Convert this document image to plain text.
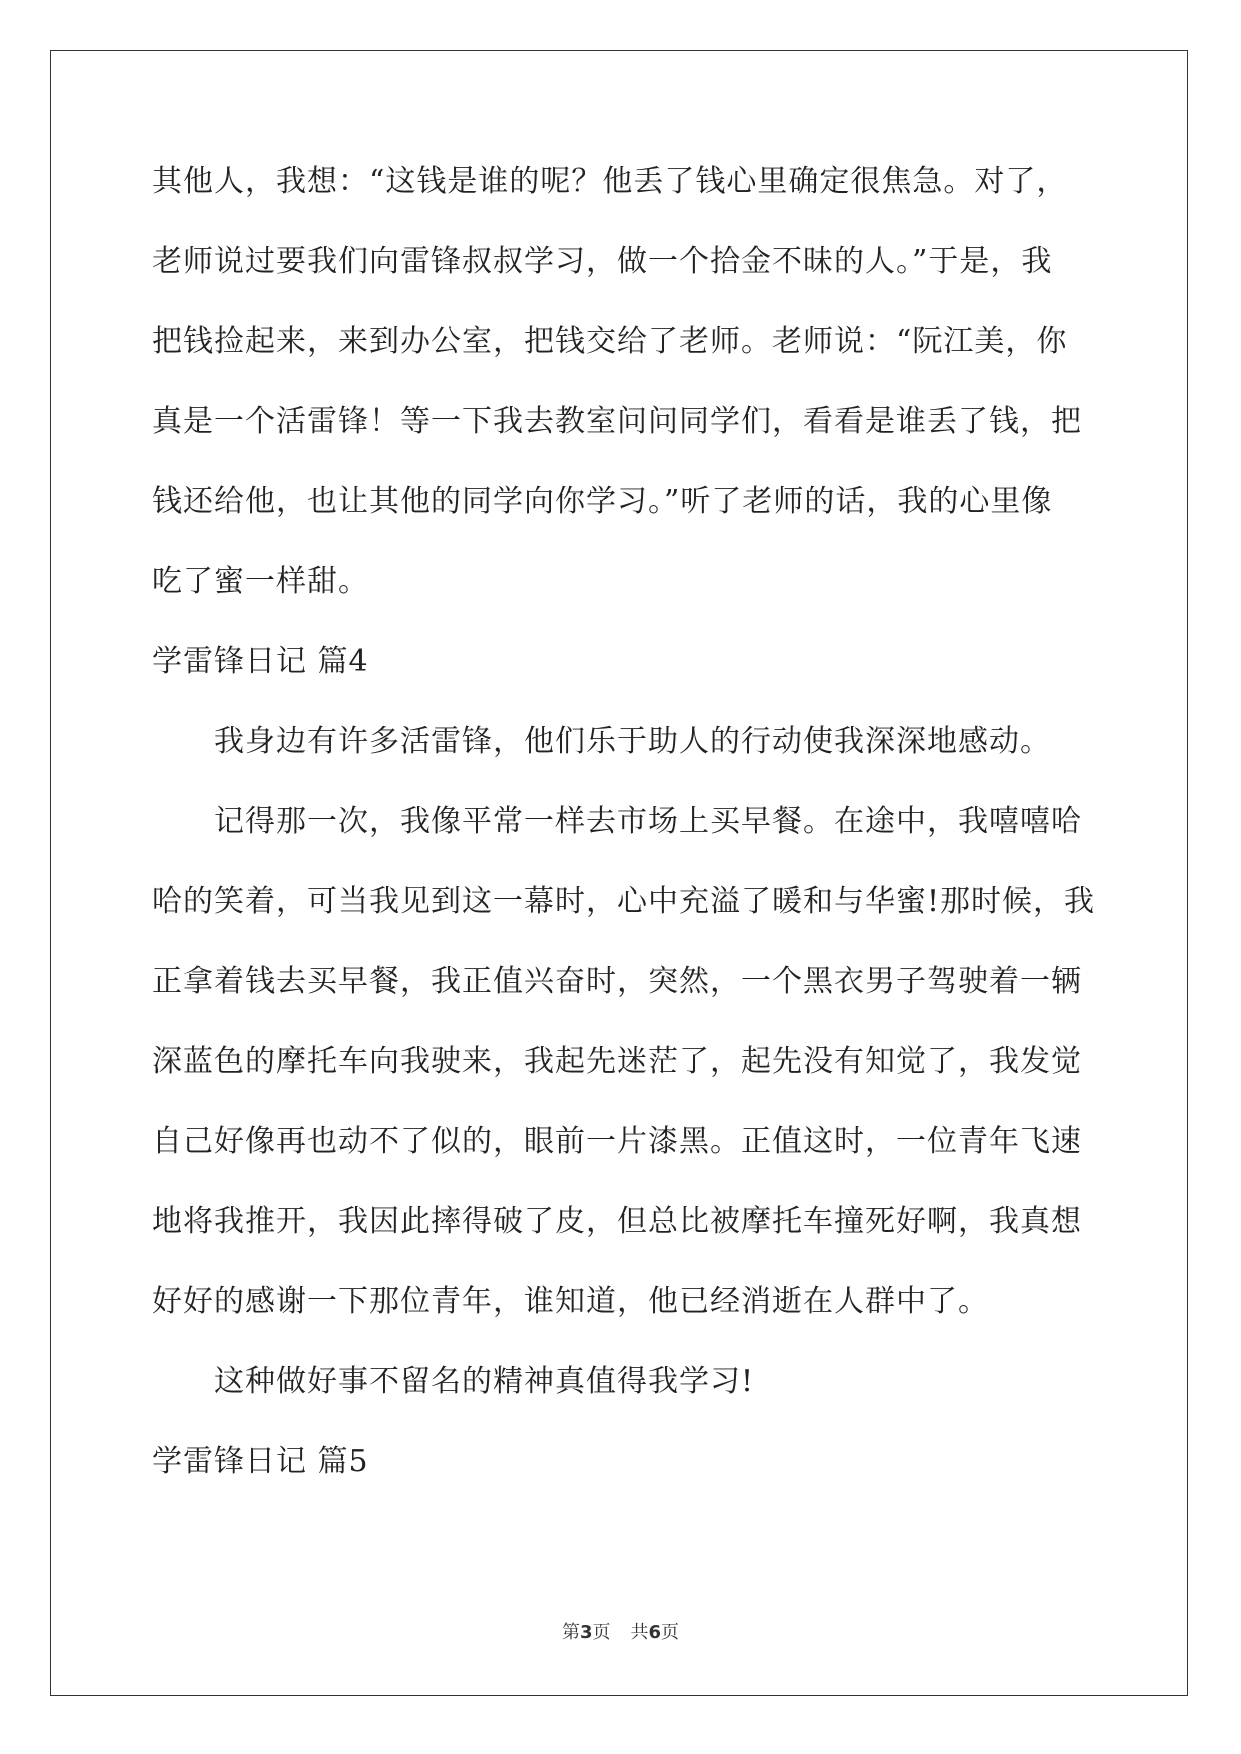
其他人，我想：“这钱是谁的呢？他丢了钱心里确定很焦急。对了，
老师说过要我们向雷锋叔叔学习，做一个拾金不昧的人。”于是，我
把钱捡起来，来到办公室，把钱交给了老师。老师说：“阮江美，你
真是一个活雷锋！等一下我去教室问问同学们，看看是谁丢了钱，把
钱还给他，也让其他的同学向你学习。”听了老师的话，我的心里像
吃了蜜一样甜。
学雷锋日记 篇4
我身边有许多活雷锋，他们乐于助人的行动使我深深地感动。
记得那一次，我像平常一样去市场上买早餐。在途中，我嘻嘻哈
哈的笑着，可当我见到这一幕时，心中充溢了暖和与华蜜!那时候，我
正拿着钱去买早餐，我正值兴奋时，突然，一个黑衣男子驾驶着一辆
深蓝色的摩托车向我驶来，我起先迷茫了，起先没有知觉了，我发觉
自己好像再也动不了似的，眼前一片漆黑。正值这时，一位青年飞速
地将我推开，我因此摔得破了皮，但总比被摩托车撞死好啊，我真想
好好的感谢一下那位青年，谁知道，他已经消逝在人群中了。
这种做好事不留名的精神真值得我学习!
学雷锋日记 篇5
第3页 共6页
